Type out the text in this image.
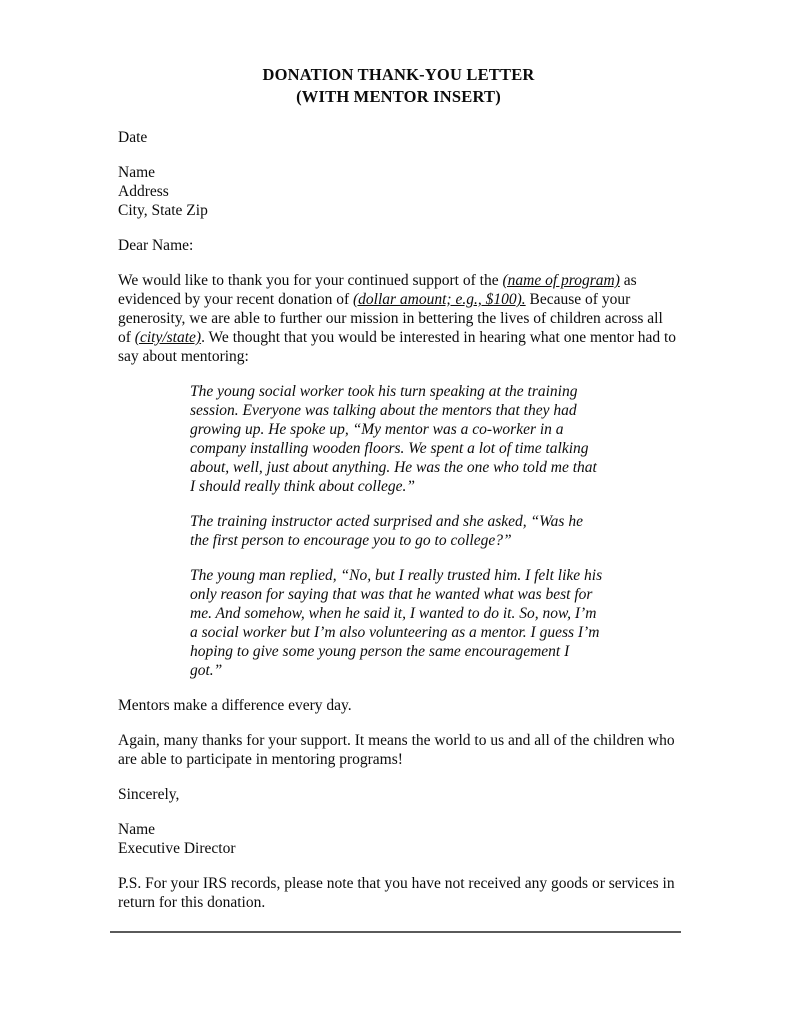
DONATION THANK-YOU LETTER
(WITH MENTOR INSERT)

Date

Name
Address
City, State Zip

Dear Name:

We would like to thank you for your continued support of the (name of program) as evidenced by your recent donation of (dollar amount; e.g., $100). Because of your generosity, we are able to further our mission in bettering the lives of children across all of (city/state). We thought that you would be interested in hearing what one mentor had to say about mentoring:

The young social worker took his turn speaking at the training session. Everyone was talking about the mentors that they had growing up. He spoke up, “My mentor was a co-worker in a company installing wooden floors. We spent a lot of time talking about, well, just about anything. He was the one who told me that I should really think about college.”

The training instructor acted surprised and she asked, “Was he the first person to encourage you to go to college?”

The young man replied, “No, but I really trusted him. I felt like his only reason for saying that was that he wanted what was best for me. And somehow, when he said it, I wanted to do it. So, now, I’m a social worker but I’m also volunteering as a mentor. I guess I’m hoping to give some young person the same encouragement I got.”

Mentors make a difference every day.

Again, many thanks for your support. It means the world to us and all of the children who are able to participate in mentoring programs!

Sincerely,

Name
Executive Director

P.S. For your IRS records, please note that you have not received any goods or services in return for this donation.
